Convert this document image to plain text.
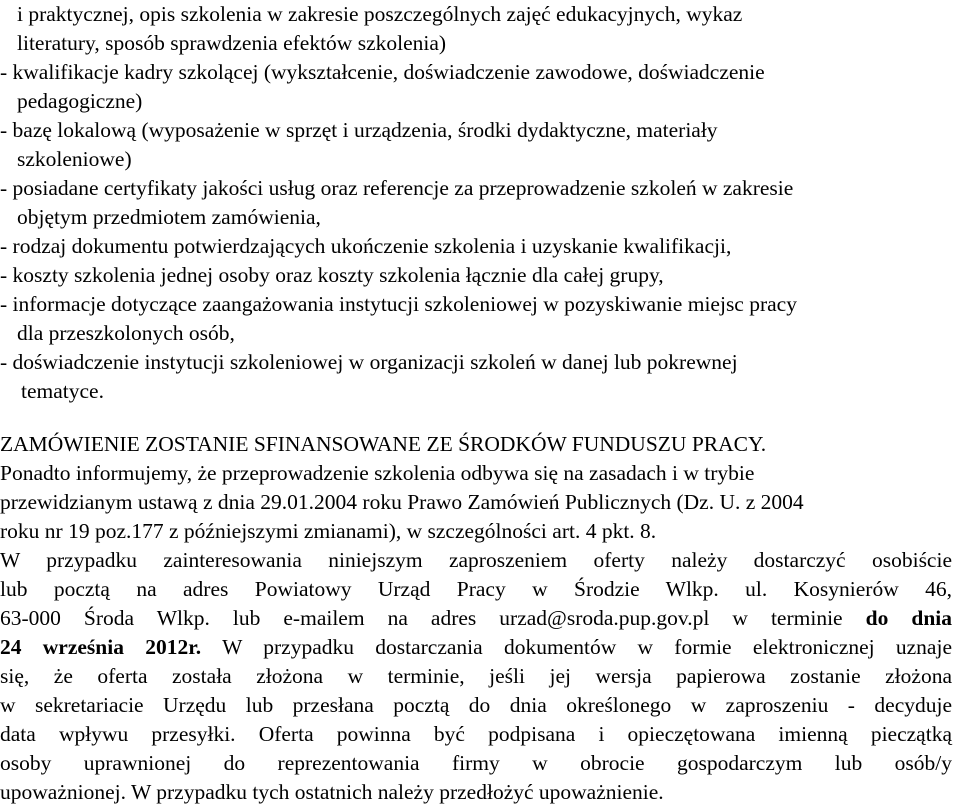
i praktycznej, opis szkolenia w zakresie poszczególnych zajęć edukacyjnych, wykaz
literatury, sposób sprawdzenia efektów szkolenia)
- kwalifikacje kadry szkolącej (wykształcenie, doświadczenie zawodowe, doświadczenie
pedagogiczne)
- bazę lokalową (wyposażenie w sprzęt i urządzenia, środki dydaktyczne, materiały
szkoleniowe)
- posiadane certyfikaty jakości usług oraz referencje za przeprowadzenie szkoleń w zakresie
objętym przedmiotem zamówienia,
- rodzaj dokumentu potwierdzających ukończenie szkolenia i uzyskanie kwalifikacji,
- koszty szkolenia jednej osoby oraz koszty szkolenia łącznie dla całej grupy,
- informacje dotyczące zaangażowania instytucji szkoleniowej w pozyskiwanie miejsc pracy
dla przeszkolonych osób,
- doświadczenie instytucji szkoleniowej w organizacji szkoleń w danej lub pokrewnej
tematyce.
ZAMÓWIENIE ZOSTANIE SFINANSOWANE ZE ŚRODKÓW FUNDUSZU PRACY.
Ponadto informujemy, że przeprowadzenie szkolenia odbywa się na zasadach i w trybie
przewidzianym ustawą z dnia 29.01.2004 roku Prawo Zamówień Publicznych (Dz. U. z 2004
roku nr 19 poz.177 z późniejszymi zmianami), w szczególności art. 4 pkt. 8.
W przypadku zainteresowania niniejszym zaproszeniem oferty należy dostarczyć osobiście
lub pocztą na adres Powiatowy Urząd Pracy w Środzie Wlkp. ul. Kosynierów 46,
63-000 Środa Wlkp. lub e-mailem na adres urzad@sroda.pup.gov.pl w terminie do dnia
24 września 2012r. W przypadku dostarczania dokumentów w formie elektronicznej uznaje
się, że oferta została złożona w terminie, jeśli jej wersja papierowa zostanie złożona
w sekretariacie Urzędu lub przesłana pocztą do dnia określonego w zaproszeniu - decyduje
data wpływu przesyłki. Oferta powinna być podpisana i opieczętowana imienną pieczątką
osoby uprawnionej do reprezentowania firmy w obrocie gospodarczym lub osób/y
upoważnionej. W przypadku tych ostatnich należy przedłożyć upoważnienie.
